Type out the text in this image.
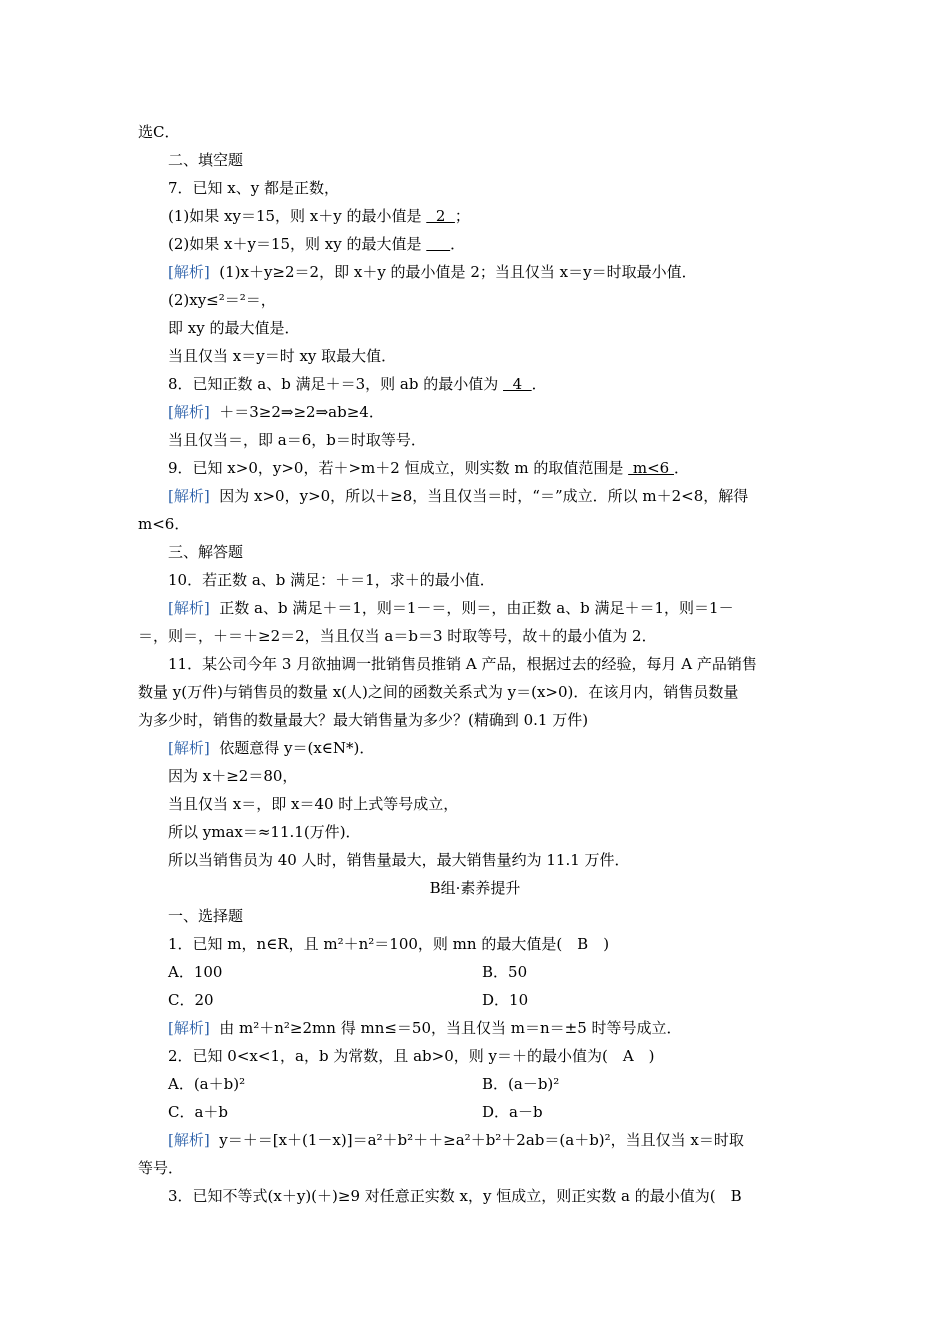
选C．
二、填空题
7．已知 x、y 都是正数，
(1)如果 xy＝15，则 x＋y 的最小值是   2  ；
(2)如果 x＋y＝15，则 xy 的最大值是      ．
[解析]  (1)x＋y≥2＝2，即 x＋y 的最小值是 2；当且仅当 x＝y＝时取最小值．
(2)xy≤²＝²＝，
即 xy 的最大值是．
当且仅当 x＝y＝时 xy 取最大值．
8．已知正数 a、b 满足＋＝3，则 ab 的最小值为   4  ．
[解析]  ＋＝3≥2⇒≥2⇒ab≥4．
当且仅当＝，即 a＝6，b＝时取等号．
9．已知 x>0，y>0，若＋>m＋2 恒成立，则实数 m 的取值范围是  m<6 ．
[解析]  因为 x>0，y>0，所以＋≥8，当且仅当＝时，“＝”成立．所以 m＋2<8，解得
m<6．
三、解答题
10．若正数 a、b 满足：＋＝1，求＋的最小值．
[解析]  正数 a、b 满足＋＝1，则＝1－＝，则＝，由正数 a、b 满足＋＝1，则＝1－
＝，则＝，＋＝＋≥2＝2，当且仅当 a＝b＝3 时取等号，故＋的最小值为 2．
11．某公司今年 3 月欲抽调一批销售员推销 A 产品，根据过去的经验，每月 A 产品销售
数量 y(万件)与销售员的数量 x(人)之间的函数关系式为 y＝(x>0)．在该月内，销售员数量
为多少时，销售的数量最大？最大销售量为多少？(精确到 0.1 万件)
[解析]  依题意得 y＝(x∈N*)．
因为 x＋≥2＝80，
当且仅当 x＝，即 x＝40 时上式等号成立，
所以 ymax＝≈11.1(万件)．
所以当销售员为 40 人时，销售量最大，最大销售量约为 11.1 万件．
B组·素养提升
一、选择题
1．已知 m，n∈R，且 m²＋n²＝100，则 mn 的最大值是(　B　)
A．100	B．50
C．20	D．10
[解析]  由 m²＋n²≥2mn 得 mn≤＝50，当且仅当 m＝n＝±5 时等号成立．
2．已知 0<x<1，a，b 为常数，且 ab>0，则 y＝＋的最小值为(　A　)
A．(a＋b)²	B．(a－b)²
C．a＋b	D．a－b
[解析]  y＝＋＝[x＋(1－x)]＝a²＋b²＋＋≥a²＋b²＋2ab＝(a＋b)²，当且仅当 x＝时取
等号．
3．已知不等式(x＋y)(＋)≥9 对任意正实数 x，y 恒成立，则正实数 a 的最小值为(　B
